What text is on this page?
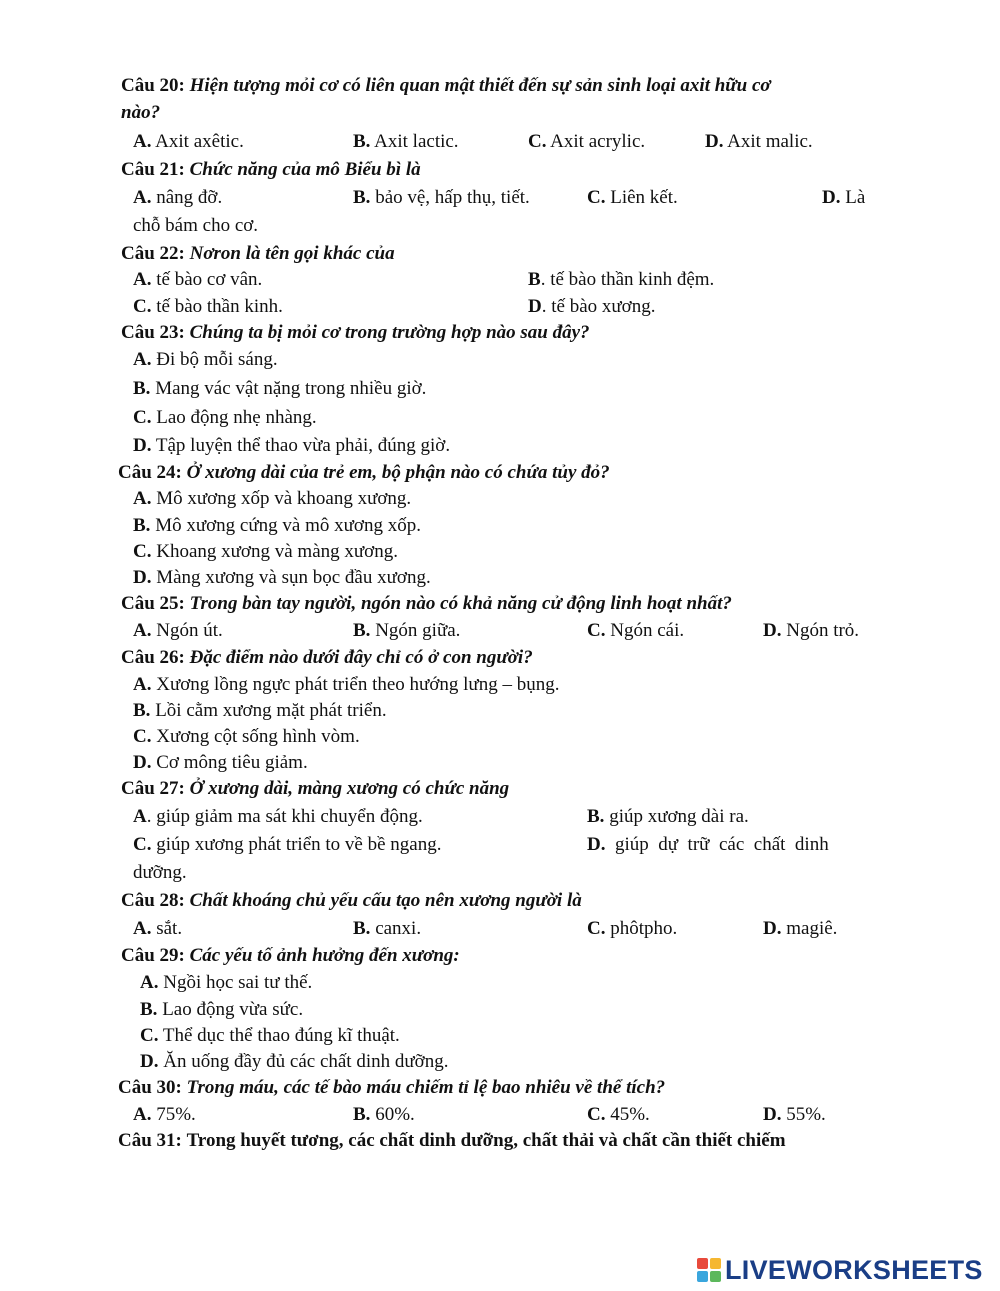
Câu 20: Hiện tượng mỏi cơ có liên quan mật thiết đến sự sản sinh loại axit hữu cơ
nào?
A. Axit axêtic.	B. Axit lactic.	C. Axit acrylic.	D. Axit malic.
Câu 21: Chức năng của mô Biểu bì là
A. nâng đỡ.	B. bảo vệ, hấp thụ, tiết.	C. Liên kết.	D. Là
chỗ bám cho cơ.
Câu 22: Nơron là tên gọi khác của
A. tế bào cơ vân.	B. tế bào thần kinh đệm.
C. tế bào thần kinh.	D. tế bào xương.
Câu 23: Chúng ta bị mỏi cơ trong trường hợp nào sau đây?
A. Đi bộ mỗi sáng.
B. Mang vác vật nặng trong nhiều giờ.
C. Lao động nhẹ nhàng.
D. Tập luyện thể thao vừa phải, đúng giờ.
Câu 24: Ở xương dài của trẻ em, bộ phận nào có chứa tủy đỏ?
A. Mô xương xốp và khoang xương.
B. Mô xương cứng và mô xương xốp.
C. Khoang xương và màng xương.
D. Màng xương và sụn bọc đầu xương.
Câu 25: Trong bàn tay người, ngón nào có khả năng cử động linh hoạt nhất?
A. Ngón út.	B. Ngón giữa.	C. Ngón cái.	D. Ngón trỏ.
Câu 26: Đặc điểm nào dưới đây chỉ có ở con người?
A. Xương lồng ngực phát triển theo hướng lưng – bụng.
B. Lồi cằm xương mặt phát triển.
C. Xương cột sống hình vòm.
D. Cơ mông tiêu giảm.
Câu 27: Ở xương dài, màng xương có chức năng
A. giúp giảm ma sát khi chuyển động.	B. giúp xương dài ra.
C. giúp xương phát triển to về bề ngang.	D.  giúp  dự  trữ  các  chất  dinh
dưỡng.
Câu 28: Chất khoáng chủ yếu cấu tạo nên xương người là
A. sắt.	B. canxi.	C. phôtpho.	D. magiê.
Câu 29: Các yếu tố ảnh hưởng đến xương:
A. Ngồi học sai tư thế.
B. Lao động vừa sức.
C. Thể dục thể thao đúng kĩ thuật.
D. Ăn uống đầy đủ các chất dinh dưỡng.
Câu 30: Trong máu, các tế bào máu chiếm tỉ lệ bao nhiêu về thể tích?
A. 75%.	B. 60%.	C. 45%.	D. 55%.
Câu 31: Trong huyết tương, các chất dinh dưỡng, chất thải và chất cần thiết chiếm
LIVEWORKSHEETS
